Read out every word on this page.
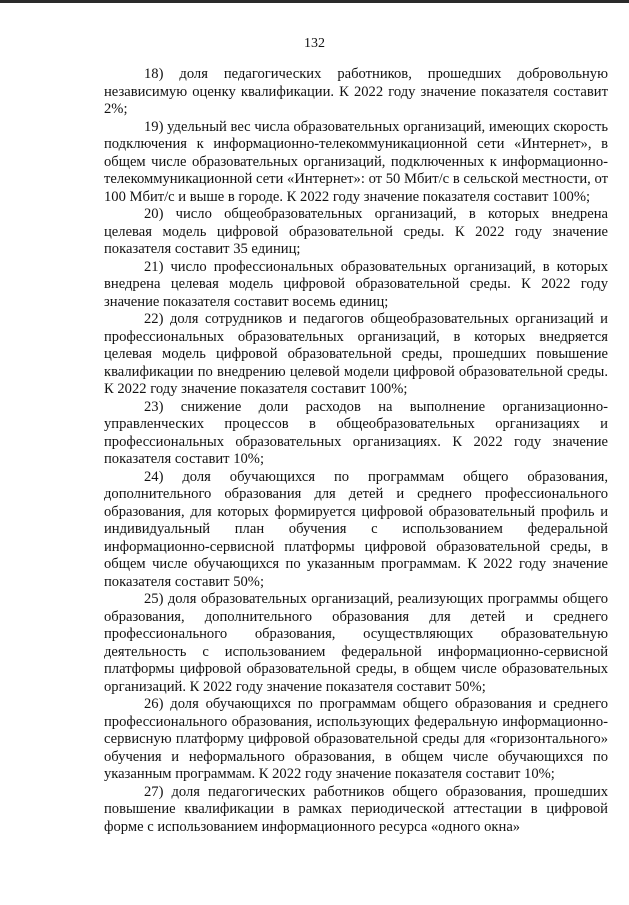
132

18) доля педагогических работников, прошедших добровольную независимую оценку квалификации. К 2022 году значение показателя составит 2%;

19) удельный вес числа образовательных организаций, имеющих скорость подключения к информационно-телекоммуникационной сети «Интернет», в общем числе образовательных организаций, подключенных к информационно-телекоммуникационной сети «Интернет»: от 50 Мбит/с в сельской местности, от 100 Мбит/с и выше в городе. К 2022 году значение показателя составит 100%;

20) число общеобразовательных организаций, в которых внедрена целевая модель цифровой образовательной среды. К 2022 году значение показателя составит 35 единиц;

21) число профессиональных образовательных организаций, в которых внедрена целевая модель цифровой образовательной среды. К 2022 году значение показателя составит восемь единиц;

22) доля сотрудников и педагогов общеобразовательных организаций и профессиональных образовательных организаций, в которых внедряется целевая модель цифровой образовательной среды, прошедших повышение квалификации по внедрению целевой модели цифровой образовательной среды. К 2022 году значение показателя составит 100%;

23) снижение доли расходов на выполнение организационно-управленческих процессов в общеобразовательных организациях и профессиональных образовательных организациях. К 2022 году значение показателя составит 10%;

24) доля обучающихся по программам общего образования, дополнительного образования для детей и среднего профессионального образования, для которых формируется цифровой образовательный профиль и индивидуальный план обучения с использованием федеральной информационно-сервисной платформы цифровой образовательной среды, в общем числе обучающихся по указанным программам. К 2022 году значение показателя составит 50%;

25) доля образовательных организаций, реализующих программы общего образования, дополнительного образования для детей и среднего профессионального образования, осуществляющих образовательную деятельность с использованием федеральной информационно-сервисной платформы цифровой образовательной среды, в общем числе образовательных организаций. К 2022 году значение показателя составит 50%;

26) доля обучающихся по программам общего образования и среднего профессионального образования, использующих федеральную информационно-сервисную платформу цифровой образовательной среды для «горизонтального» обучения и неформального образования, в общем числе обучающихся по указанным программам. К 2022 году значение показателя составит 10%;

27) доля педагогических работников общего образования, прошедших повышение квалификации в рамках периодической аттестации в цифровой форме с использованием информационного ресурса «одного окна»
